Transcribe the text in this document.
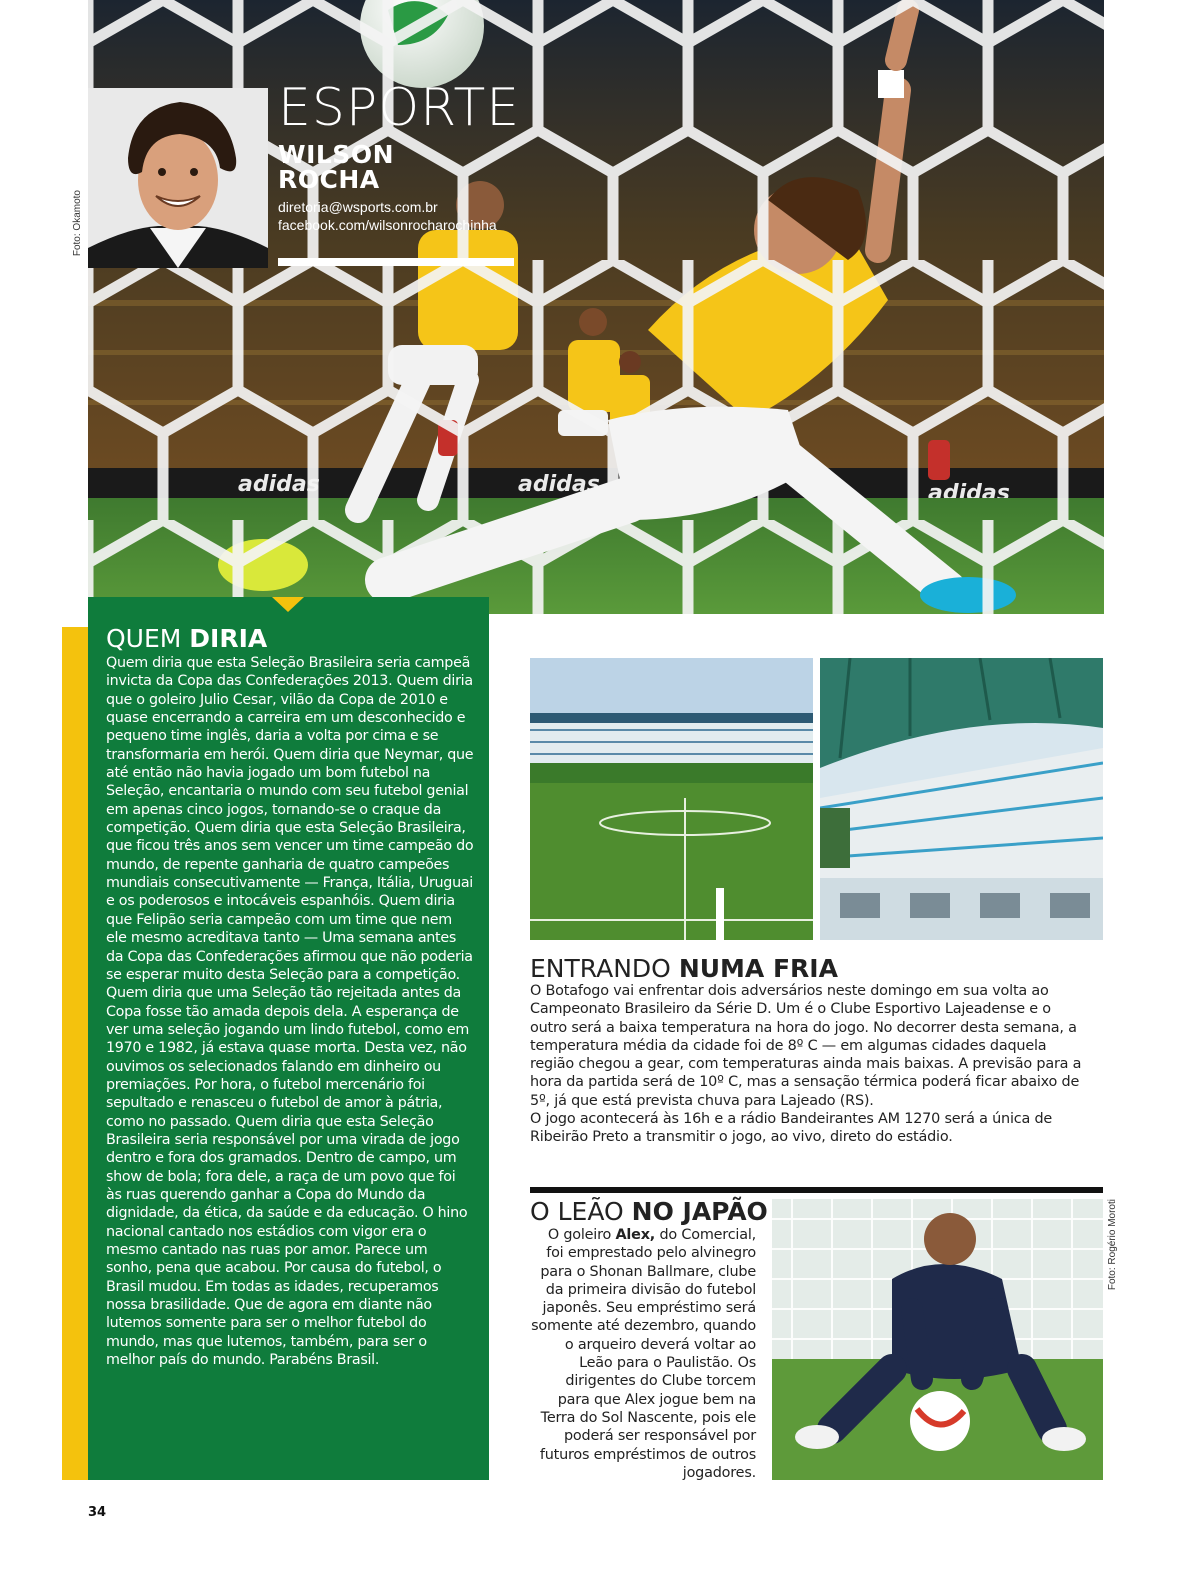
Foto: Okamoto
ESPORTE
WILSON
ROCHA
diretoria@wsports.com.br
facebook.com/wilsonrocharochinha
QUEM DIRIA
Quem diria que esta Seleção Brasileira seria campeã invicta da Copa das Confederações 2013. Quem diria que o goleiro Julio Cesar, vilão da Copa de 2010 e quase encerrando a carreira em um desconhecido e pequeno time inglês, daria a volta por cima e se transformaria em herói. Quem diria que Neymar, que até então não havia jogado um bom futebol na Seleção, encantaria o mundo com seu futebol genial em apenas cinco jogos, tornando-se o craque da competição. Quem diria que esta Seleção Brasileira, que ficou três anos sem vencer um time campeão do mundo, de repente ganharia de quatro campeões mundiais consecutivamente — França, Itália, Uruguai e os poderosos e intocáveis espanhóis. Quem diria que Felipão seria campeão com um time que nem ele mesmo acreditava tanto — Uma semana antes da Copa das Confederações afirmou que não poderia se esperar muito desta Seleção para a competição. Quem diria que uma Seleção tão rejeitada antes da Copa fosse tão amada depois dela. A esperança de ver uma seleção jogando um lindo futebol, como em 1970 e 1982, já estava quase morta. Desta vez, não ouvimos os selecionados falando em dinheiro ou premiações. Por hora, o futebol mercenário foi sepultado e renasceu o futebol de amor à pátria, como no passado. Quem diria que esta Seleção Brasileira seria responsável por uma virada de jogo dentro e fora dos gramados. Dentro de campo, um show de bola; fora dele, a raça de um povo que foi às ruas querendo ganhar a Copa do Mundo da dignidade, da ética, da saúde e da educação. O hino nacional cantado nos estádios com vigor era o mesmo cantado nas ruas por amor. Parece um sonho, pena que acabou. Por causa do futebol, o Brasil mudou. Em todas as idades, recuperamos nossa brasilidade. Que de agora em diante não lutemos somente para ser o melhor futebol do mundo, mas que lutemos, também, para ser o melhor país do mundo. Parabéns Brasil.
ENTRANDO NUMA FRIA
O Botafogo vai enfrentar dois adversários neste domingo em sua volta ao Campeonato Brasileiro da Série D. Um é o Clube Esportivo Lajeadense e o outro será a baixa temperatura na hora do jogo. No decorrer desta semana, a temperatura média da cidade foi de 8º C — em algumas cidades daquela região chegou a gear, com temperaturas ainda mais baixas. A previsão para a hora da partida será de 10º C, mas a sensação térmica poderá ficar abaixo de 5º, já que está prevista chuva para Lajeado (RS).
O jogo acontecerá às 16h e a rádio Bandeirantes AM 1270 será a única de Ribeirão Preto a transmitir o jogo, ao vivo, direto do estádio.
O LEÃO NO JAPÃO
O goleiro Alex, do Comercial, foi emprestado pelo alvinegro para o Shonan Ballmare, clube da primeira divisão do futebol japonês. Seu empréstimo será somente até dezembro, quando o arqueiro deverá voltar ao Leão para o Paulistão. Os dirigentes do Clube torcem para que Alex jogue bem na Terra do Sol Nascente, pois ele poderá ser responsável por futuros empréstimos de outros jogadores.
Foto: Rogério Moroti
34
